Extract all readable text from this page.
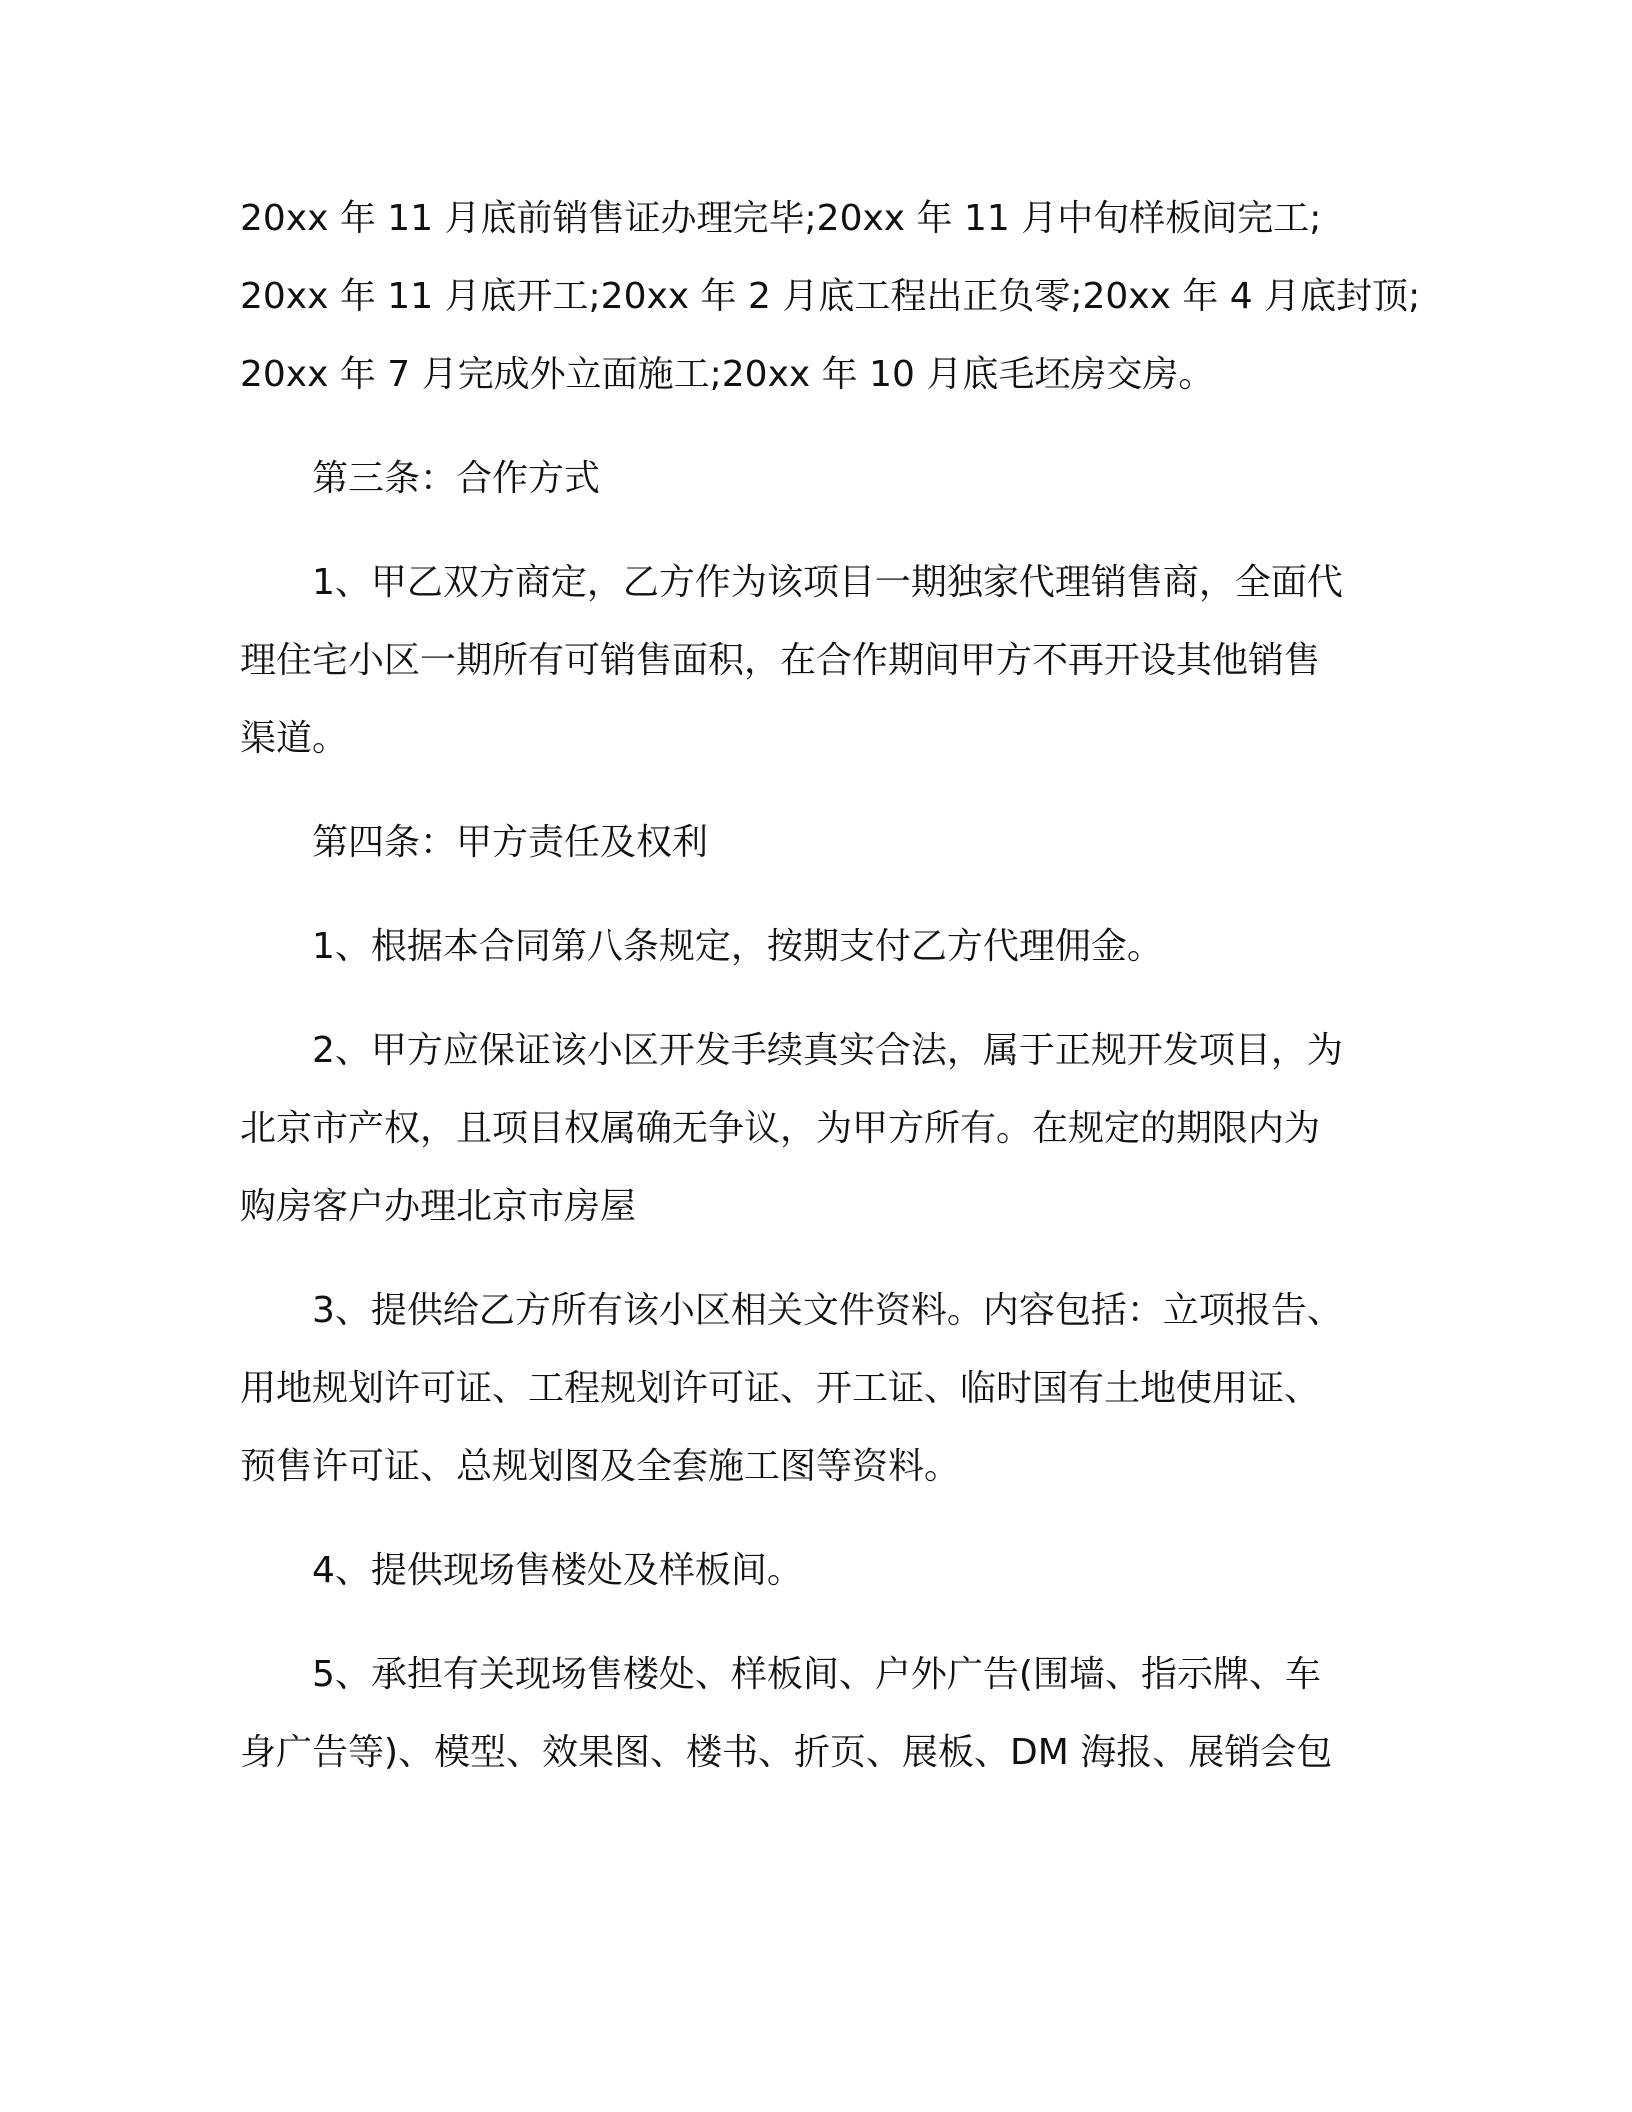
20xx 年 11 月底前销售证办理完毕;20xx 年 11 月中旬样板间完工;
20xx 年 11 月底开工;20xx 年 2 月底工程出正负零;20xx 年 4 月底封顶;
20xx 年 7 月完成外立面施工;20xx 年 10 月底毛坯房交房。
第三条：合作方式
1、甲乙双方商定，乙方作为该项目一期独家代理销售商，全面代
理住宅小区一期所有可销售面积，在合作期间甲方不再开设其他销售
渠道。
第四条：甲方责任及权利
1、根据本合同第八条规定，按期支付乙方代理佣金。
2、甲方应保证该小区开发手续真实合法，属于正规开发项目，为
北京市产权，且项目权属确无争议，为甲方所有。在规定的期限内为
购房客户办理北京市房屋
3、提供给乙方所有该小区相关文件资料。内容包括：立项报告、
用地规划许可证、工程规划许可证、开工证、临时国有土地使用证、
预售许可证、总规划图及全套施工图等资料。
4、提供现场售楼处及样板间。
5、承担有关现场售楼处、样板间、户外广告(围墙、指示牌、车
身广告等)、模型、效果图、楼书、折页、展板、DM 海报、展销会包
